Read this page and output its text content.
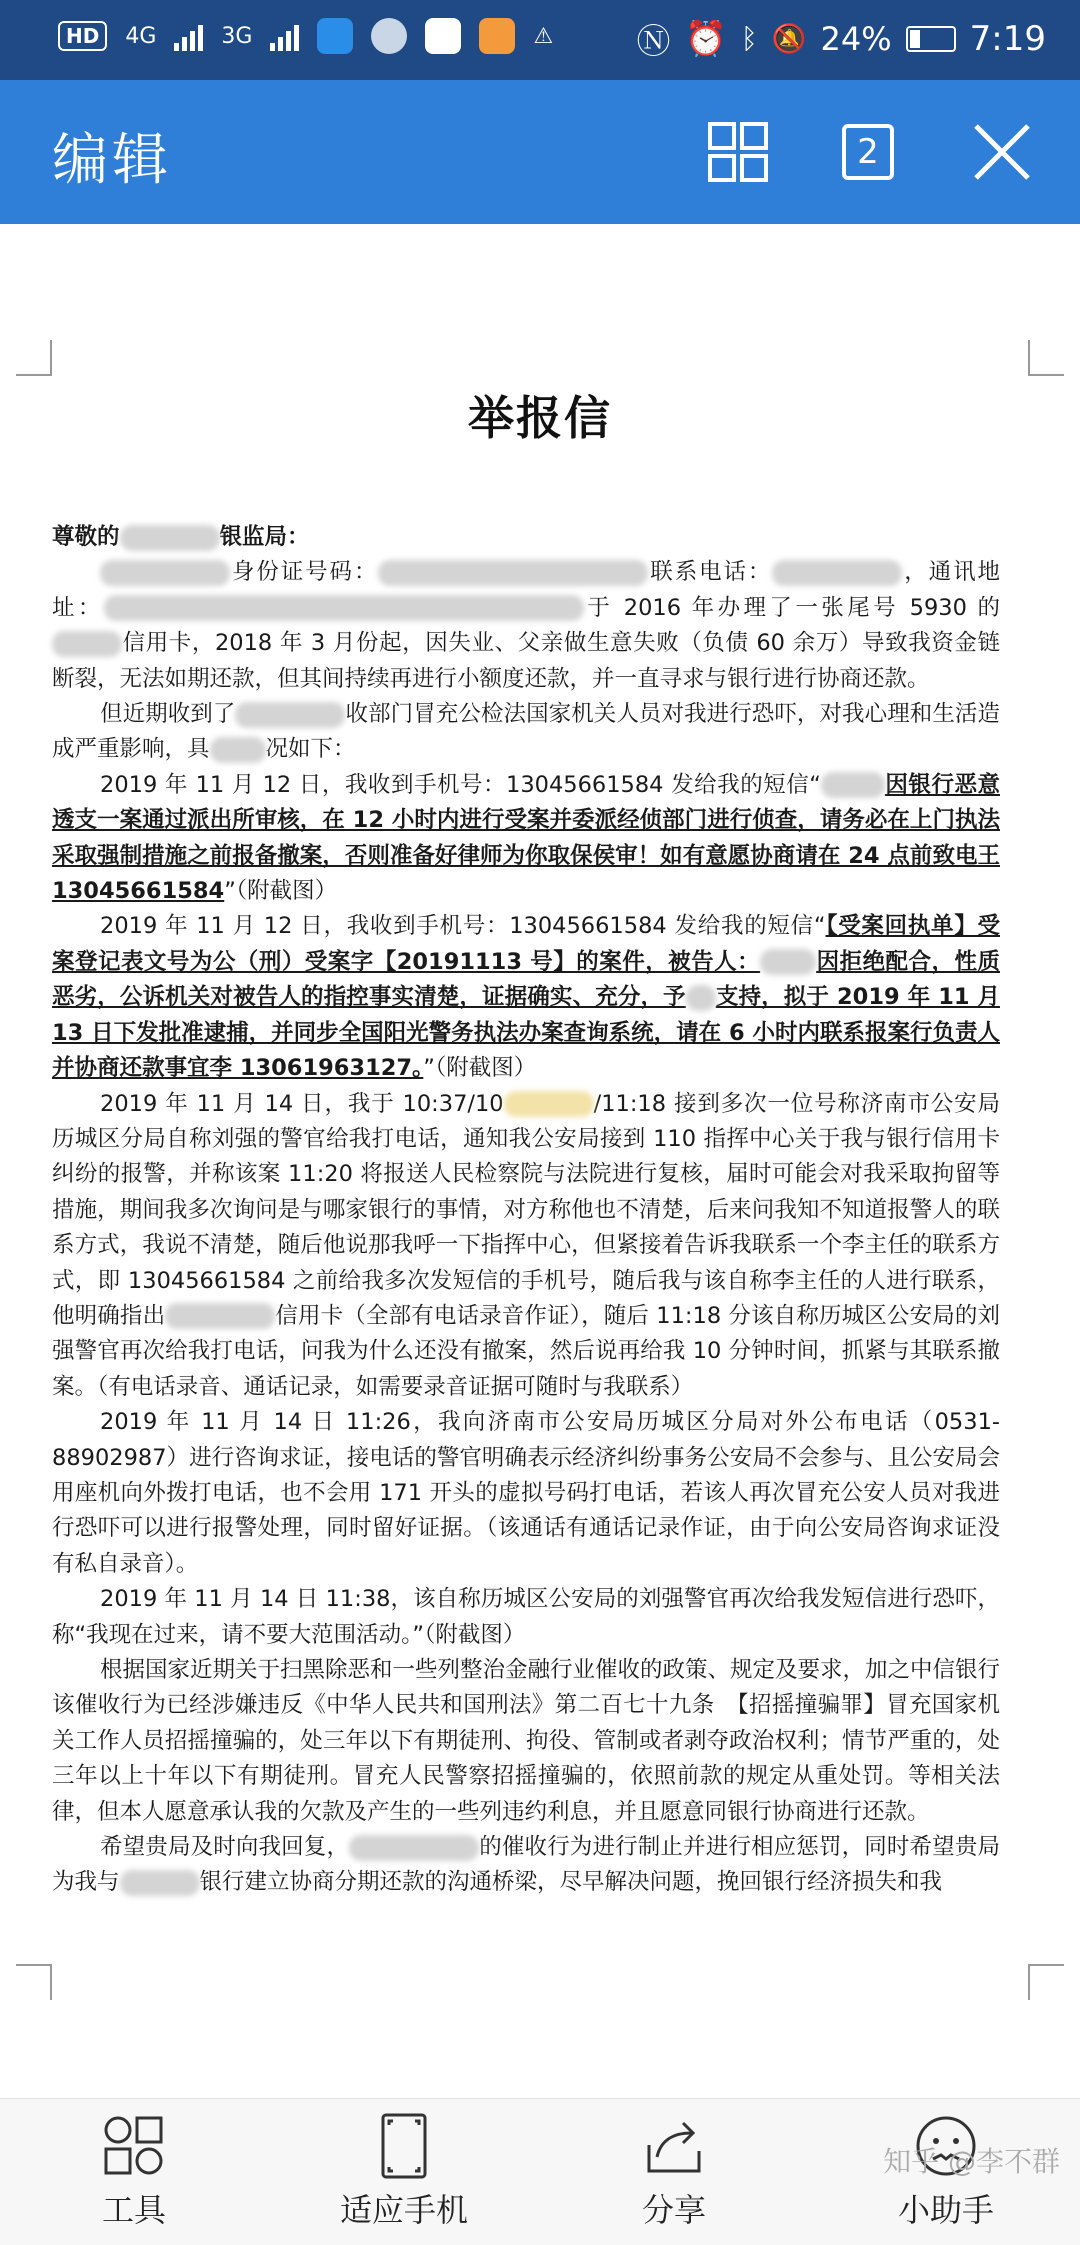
HD	4G	3G	⚠ Ⓝ ⏰ ᛒ 🔕 24% 7:19
编辑	2
举报信

尊敬的	银监局：

身份证号码：	联系电话：	，通讯地址：	于 2016 年办理了一张尾号 5930 的信用卡，2018 年 3 月份起，因失业、父亲做生意失败（负债 60 余万）导致我资金链断裂，无法如期还款，但其间持续再进行小额度还款，并一直寻求与银行进行协商还款。

但近期收到了	收部门冒充公检法国家机关人员对我进行恐吓，对我心理和生活造成严重影响，具 况如下：

2019 年 11 月 12 日，我收到手机号：13045661584 发给我的短信“	因银行恶意透支一案通过派出所审核，在 12 小时内进行受案并委派经侦部门进行侦查，请务必在上门执法采取强制措施之前报备撤案，否则准备好律师为你取保侯审！如有意愿协商请在 24 点前致电王 13045661584”（附截图）

2019 年 11 月 12 日，我收到手机号：13045661584 发给我的短信“【受案回执单】受案登记表文号为公（刑）受案字【20191113 号】的案件，被告人： 因拒绝配合，性质恶劣，公诉机关对被告人的指控事实清楚，证据确实、充分，予 支持，拟于 2019 年 11 月 13 日下发批准逮捕，并同步全国阳光警务执法办案查询系统，请在 6 小时内联系报案行负责人并协商还款事宜李 13061963127。”（附截图）

2019 年 11 月 14 日，我于 10:37/10	/11:18 接到多次一位号称济南市公安局历城区分局自称刘强的警官给我打电话，通知我公安局接到 110 指挥中心关于我与银行信用卡纠纷的报警，并称该案 11:20 将报送人民检察院与法院进行复核，届时可能会对我采取拘留等措施，期间我多次询问是与哪家银行的事情，对方称他也不清楚，后来问我知不知道报警人的联系方式，我说不清楚，随后他说那我呼一下指挥中心，但紧接着告诉我联系一个李主任的联系方式，即 13045661584 之前给我多次发短信的手机号，随后我与该自称李主任的人进行联系，他明确指出	信用卡（全部有电话录音作证），随后 11:18 分该自称历城区公安局的刘强警官再次给我打电话，问我为什么还没有撤案，然后说再给我 10 分钟时间，抓紧与其联系撤案。（有电话录音、通话记录，如需要录音证据可随时与我联系）

2019 年 11 月 14 日 11:26，我向济南市公安局历城区分局对外公布电话（0531-88902987）进行咨询求证，接电话的警官明确表示经济纠纷事务公安局不会参与、且公安局会用座机向外拨打电话，也不会用 171 开头的虚拟号码打电话，若该人再次冒充公安人员对我进行恐吓可以进行报警处理，同时留好证据。（该通话有通话记录作证，由于向公安局咨询求证没有私自录音）。

2019 年 11 月 14 日 11:38，该自称历城区公安局的刘强警官再次给我发短信进行恐吓，称“我现在过来，请不要大范围活动。”（附截图）

根据国家近期关于扫黑除恶和一些列整治金融行业催收的政策、规定及要求，加之中信银行该催收行为已经涉嫌违反《中华人民共和国刑法》第二百七十九条　【招摇撞骗罪】冒充国家机关工作人员招摇撞骗的，处三年以下有期徒刑、拘役、管制或者剥夺政治权利；情节严重的，处三年以上十年以下有期徒刑。冒充人民警察招摇撞骗的，依照前款的规定从重处罚。等相关法律，但本人愿意承认我的欠款及产生的一些列违约利息，并且愿意同银行协商进行还款。

希望贵局及时向我回复，	的催收行为进行制止并进行相应惩罚，同时希望贵局为我与	银行建立协商分期还款的沟通桥梁，尽早解决问题，挽回银行经济损失和我

工具	适应手机	分享	小助手
知乎 @李不群
